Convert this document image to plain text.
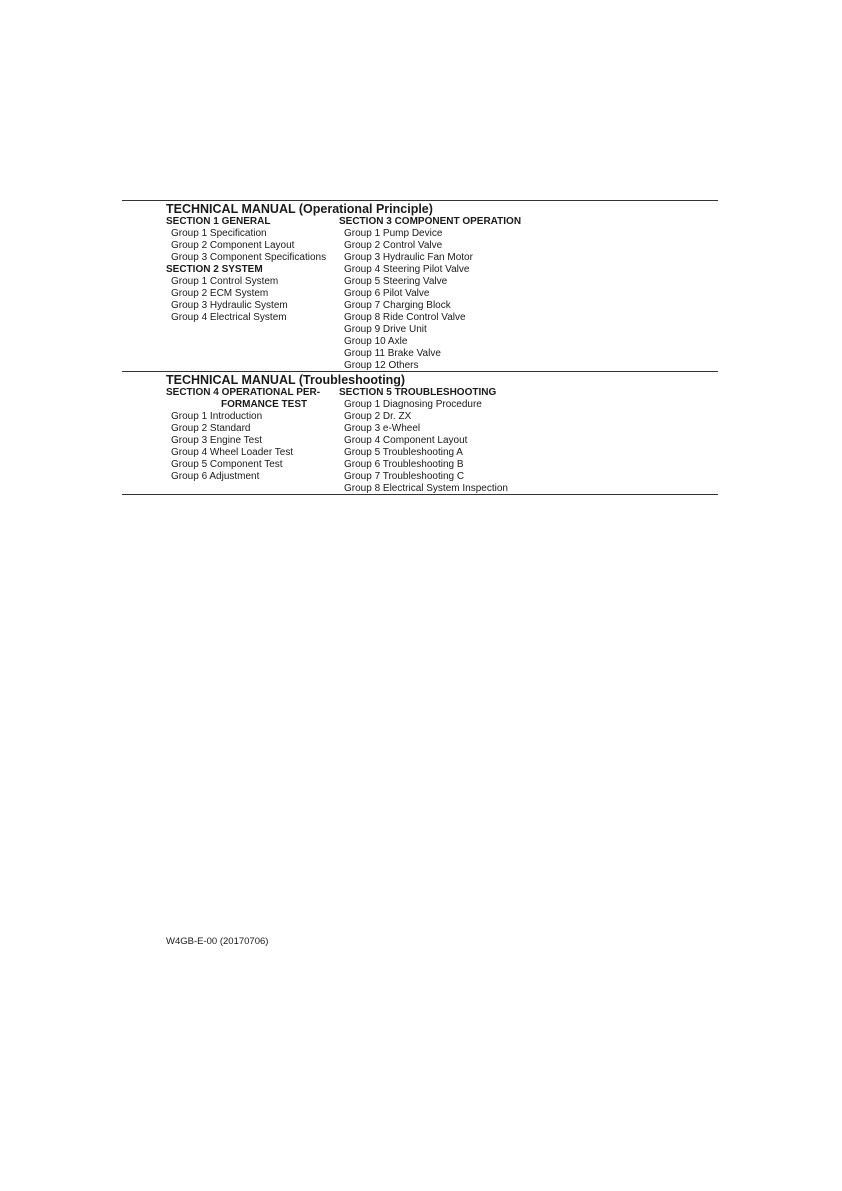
TECHNICAL MANUAL (Operational Principle)
SECTION 1 GENERAL
Group 1 Specification
Group 2 Component Layout
Group 3 Component Specifications
SECTION 2 SYSTEM
Group 1 Control System
Group 2 ECM System
Group 3 Hydraulic System
Group 4 Electrical System
SECTION 3 COMPONENT OPERATION
Group 1 Pump Device
Group 2 Control Valve
Group 3 Hydraulic Fan Motor
Group 4 Steering Pilot Valve
Group 5 Steering Valve
Group 6 Pilot Valve
Group 7 Charging Block
Group 8 Ride Control Valve
Group 9 Drive Unit
Group 10 Axle
Group 11 Brake Valve
Group 12 Others
TECHNICAL MANUAL (Troubleshooting)
SECTION 4 OPERATIONAL PER-
FORMANCE TEST
Group 1 Introduction
Group 2 Standard
Group 3 Engine Test
Group 4 Wheel Loader Test
Group 5 Component Test
Group 6 Adjustment
SECTION 5 TROUBLESHOOTING
Group 1 Diagnosing Procedure
Group 2 Dr. ZX
Group 3 e-Wheel
Group 4 Component Layout
Group 5 Troubleshooting A
Group 6 Troubleshooting B
Group 7 Troubleshooting C
Group 8 Electrical System Inspection
W4GB-E-00 (20170706)
